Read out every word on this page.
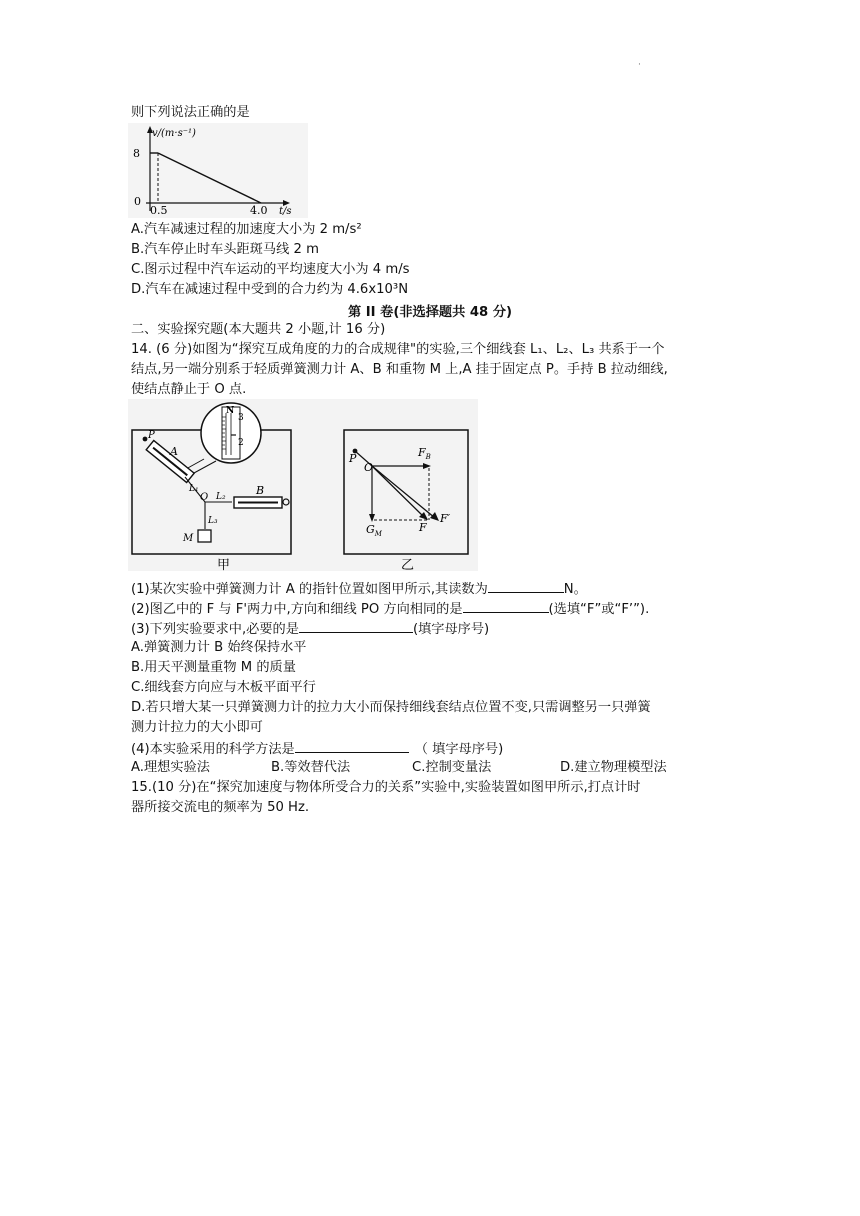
·
则下列说法正确的是
v/(m·s⁻¹)
8
0
0.5	4.0 t/s
A.汽车减速过程的加速度大小为 2 m/s²
B.汽车停止时车头距斑马线 2 m
C.图示过程中汽车运动的平均速度大小为 4 m/s
D.汽车在减速过程中受到的合力约为 4.6x10³N
第 II 卷(非选择题共 48 分)
二、实验探究题(本大题共 2 小题,计 16 分)
14. (6 分)如图为“探究互成角度的力的合成规律"的实验,三个细线套 L₁、L₂、L₃ 共系于一个
结点,另一端分别系于轻质弹簧测力计 A、B 和重物 M 上,A 挂于固定点 P。手持 B 拉动细线,
使结点静止于 O 点.
N
3
2
P
A
L₁
O L₂
L₃
B
M
P
O
$F_B$
$G_M$	F
F′
甲	乙
(1)某次实验中弹簧测力计 A 的指针位置如图甲所示,其读数为	N。
(2)图乙中的 F 与 F'两力中,方向和细线 PO 方向相同的是	(选填“F”或“F’”).
(3)下列实验要求中,必要的是	(填字母序号)
A.弹簧测力计 B 始终保持水平
B.用天平测量重物 M 的质量
C.细线套方向应与木板平面平行
D.若只增大某一只弹簧测力计的拉力大小而保持细线套结点位置不变,只需调整另一只弹簧
测力计拉力的大小即可
(4)本实验采用的科学方法是	（ 填字母序号)
A.理想实验法	B.等效替代法	C.控制变量法	D.建立物理模型法
15.(10 分)在“探究加速度与物体所受合力的关系”实验中,实验装置如图甲所示,打点计时
器所接交流电的频率为 50 Hz.
